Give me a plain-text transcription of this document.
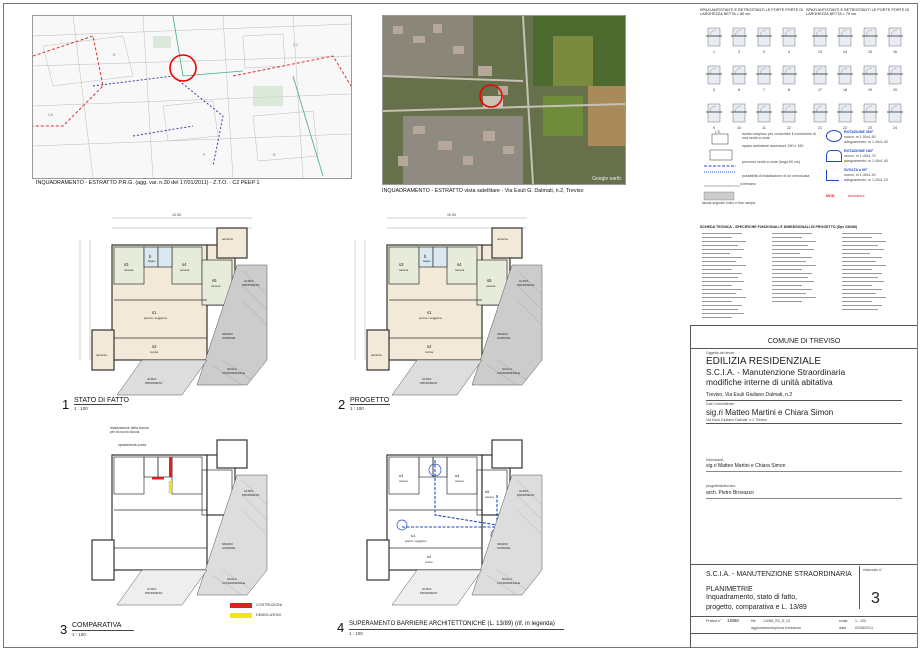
C2
B
E
F
C1
INQUADRAMENTO - ESTRATTO P.R.G. (agg. var. n.30 del 17/01/2011) - Z.T.O. : C2 PEEP 1
Google earth
INQUADRAMENTO - ESTRATTO vista satellitare - Via Esuli G. Dalmati, n.2, Treviso
10.55
s3
camera
b
bagno
s4
camera
s5
camera
s1
pranzo / soggiorno
s2
cucina
terrazza
terrazza
ALTRA
PROPRIETA'
SPAZIO
COMUNE
SCALA
CONDOMINIALE
ALTRA
PROPRIETA'
1 STATO DI FATTO
1 : 100
10.55
s3
camera
b
bagno
s4
camera
s5
camera
s1
pranzo / soggiorno
s2
cucina
terrazza
terrazza
ALTRA
PROPRIETA'
SPAZIO
COMUNE
SCALA
CONDOMINIALE
ALTRA
PROPRIETA'
2 PROGETTO
1 : 100
ALTRA
PROPRIETA'
SPAZIO
COMUNE
SCALA
CONDOMINIALE
ALTRA
PROPRIETA'
realizzazione della doccia per la nuova doccia
spostamento porta
COSTRUZIONI
DEMOLIZIONI
3 COMPARATIVA
1 : 100
s3
camera
s4
camera
s5
camera
s1
pranzo / soggiorno
s2
cucina
ALTRA
PROPRIETA'
SPAZIO
COMUNE
SCALA
CONDOMINIALE
ALTRA
PROPRIETA'
4 SUPERAMENTO BARRIERE ARCHITETTONICHE (L. 13/89) (rif. in legenda)
1 : 100
SPAZI ANTISTANTI E RETROSTANTI LE PORTE PORTE DI LARGHEZZA NETTA = 80 cm
SPAZI ANTISTANTI E RETROSTANTI LE PORTE PORTE DI LARGHEZZA NETTA = 75 cm
1	2	3	4
5	6	7	8
9	10	11	12
13	14	15	16
17	18	19	20
21	22	23	24
L.S.	lavabo sospeso per consentire il movimento di una sedia a ruote
spazio antistante ascensore 150 x 150
percorso sedia a ruote (larga 60 cm)
possibilità di installazione di un servoscala
corrimano
fascia segnale inizio e fine rampa
ROTAZIONE 360°
nuovo: m 1.50x1.50
adeguamento: m 1.40x1.40
ROTAZIONE 180°
nuovo: m 1.40x1.70
adeguamento: m 1.40x1.40
SVOLTA a 90°
nuovo: m 1.40x1.40
adeguamento: m 1.20x1.20
MOD.	arredatore
SCHEDA TECNICA - SPECIFICHE FUNZIONALI E DIMENSIONALI DI PROGETTO (Dpr 236/89)
COMUNE DI TREVISO
Oggetto dei lavori:
EDILIZIA RESIDENZIALE
S.C.I.A. - Manutenzione Straordinaria
modifiche interne di unità abitativa
Treviso, Via Esuli Giuliano Dalmati, n.2
Dati Committente:
sig.ri Matteo Martini e Chiara Simon
Via Esuli Giuliano Dalmati, n.2 Treviso
Dichiaranti:
sig.ri Matteo Martini e Chiara Simon
progettista/tecnico:
arch. Pietro Brovazzo
S.C.I.A. - MANUTENZIONE STRAORDINARIA
elaborato n°
3
PLANIMETRIE
Inquadramento, stato di fatto,
progetto, comparativa e L. 13/89
Pratica n° 14068	file 14068_SS_D_01	scala 1 : 100
aggiornamento prima emissione	data	02/08/2014
